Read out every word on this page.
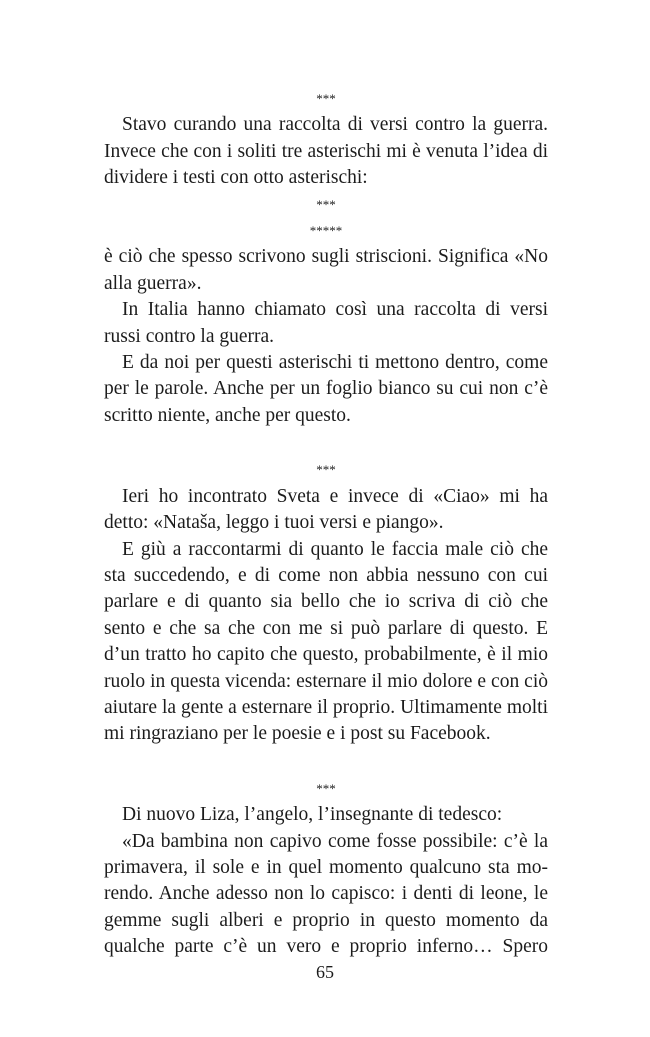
***

Stavo curando una raccolta di versi contro la guerra. Invece che con i soliti tre asterischi mi è venuta l’idea di dividere i testi con otto asterischi:

***
*****

è ciò che spesso scrivono sugli striscioni. Significa «No alla guerra».

In Italia hanno chiamato così una raccolta di versi russi contro la guerra.

E da noi per questi asterischi ti mettono dentro, come per le parole. Anche per un foglio bianco su cui non c’è scritto niente, anche per questo.

***

Ieri ho incontrato Sveta e invece di «Ciao» mi ha detto: «Nataša, leggo i tuoi versi e piango».

E giù a raccontarmi di quanto le faccia male ciò che sta succedendo, e di come non abbia nessuno con cui parlare e di quanto sia bello che io scriva di ciò che sento e che sa che con me si può parlare di questo. E d’un tratto ho capito che questo, probabilmente, è il mio ruolo in questa vicenda: esternare il mio dolore e con ciò aiutare la gente a esternare il proprio. Ultimamente molti mi ringraziano per le poesie e i post su Facebook.

***

Di nuovo Liza, l’angelo, l’insegnante di tedesco:

«Da bambina non capivo come fosse possibile: c’è la primavera, il sole e in quel momento qualcuno sta morendo. Anche adesso non lo capisco: i denti di leone, le gemme sugli alberi e proprio in questo momento da qualche parte c’è un vero e proprio inferno… Spero

65
